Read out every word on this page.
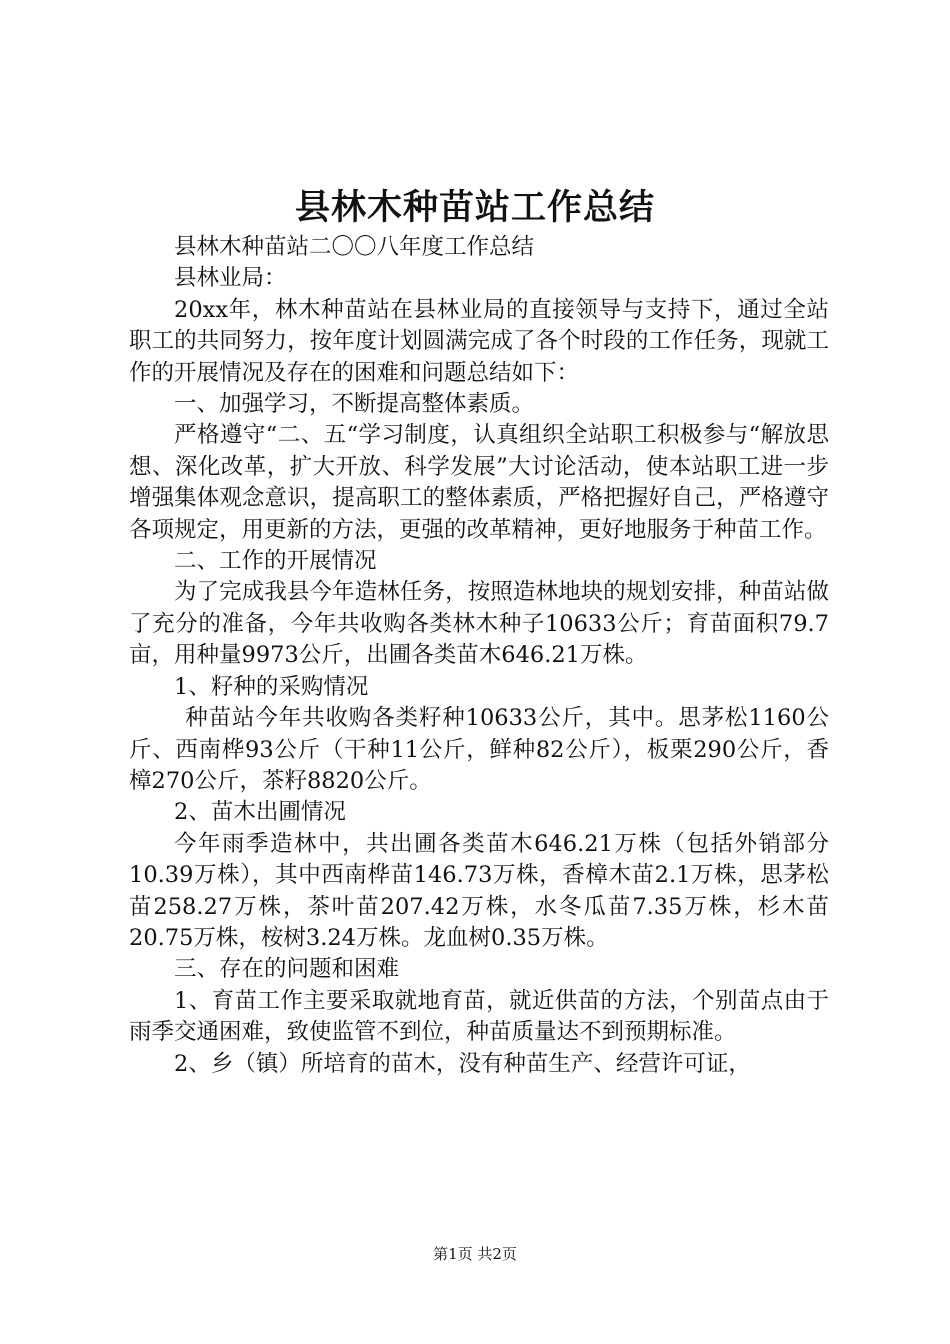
县林木种苗站工作总结

县林木种苗站二〇〇八年度工作总结

县林业局：

20xx年，林木种苗站在县林业局的直接领导与支持下，通过全站职工的共同努力，按年度计划圆满完成了各个时段的工作任务，现就工作的开展情况及存在的困难和问题总结如下：

一、加强学习，不断提高整体素质。

严格遵守“二、五“学习制度，认真组织全站职工积极参与“解放思想、深化改革，扩大开放、科学发展”大讨论活动，使本站职工进一步增强集体观念意识，提高职工的整体素质，严格把握好自己，严格遵守各项规定，用更新的方法，更强的改革精神，更好地服务于种苗工作。

二、工作的开展情况

为了完成我县今年造林任务，按照造林地块的规划安排，种苗站做了充分的准备，今年共收购各类林木种子10633公斤；育苗面积79.7亩，用种量9973公斤，出圃各类苗木646.21万株。

1、籽种的采购情况

种苗站今年共收购各类籽种10633公斤，其中。思茅松1160公斤、西南桦93公斤（干种11公斤，鲜种82公斤），板栗290公斤，香樟270公斤，茶籽8820公斤。

2、苗木出圃情况

今年雨季造林中，共出圃各类苗木646.21万株（包括外销部分10.39万株），其中西南桦苗146.73万株，香樟木苗2.1万株，思茅松苗258.27万株，茶叶苗207.42万株，水冬瓜苗7.35万株，杉木苗20.75万株，桉树3.24万株。龙血树0.35万株。

三、存在的问题和困难

1、育苗工作主要采取就地育苗，就近供苗的方法，个别苗点由于雨季交通困难，致使监管不到位，种苗质量达不到预期标准。

2、乡（镇）所培育的苗木，没有种苗生产、经营许可证，

第1页 共2页
